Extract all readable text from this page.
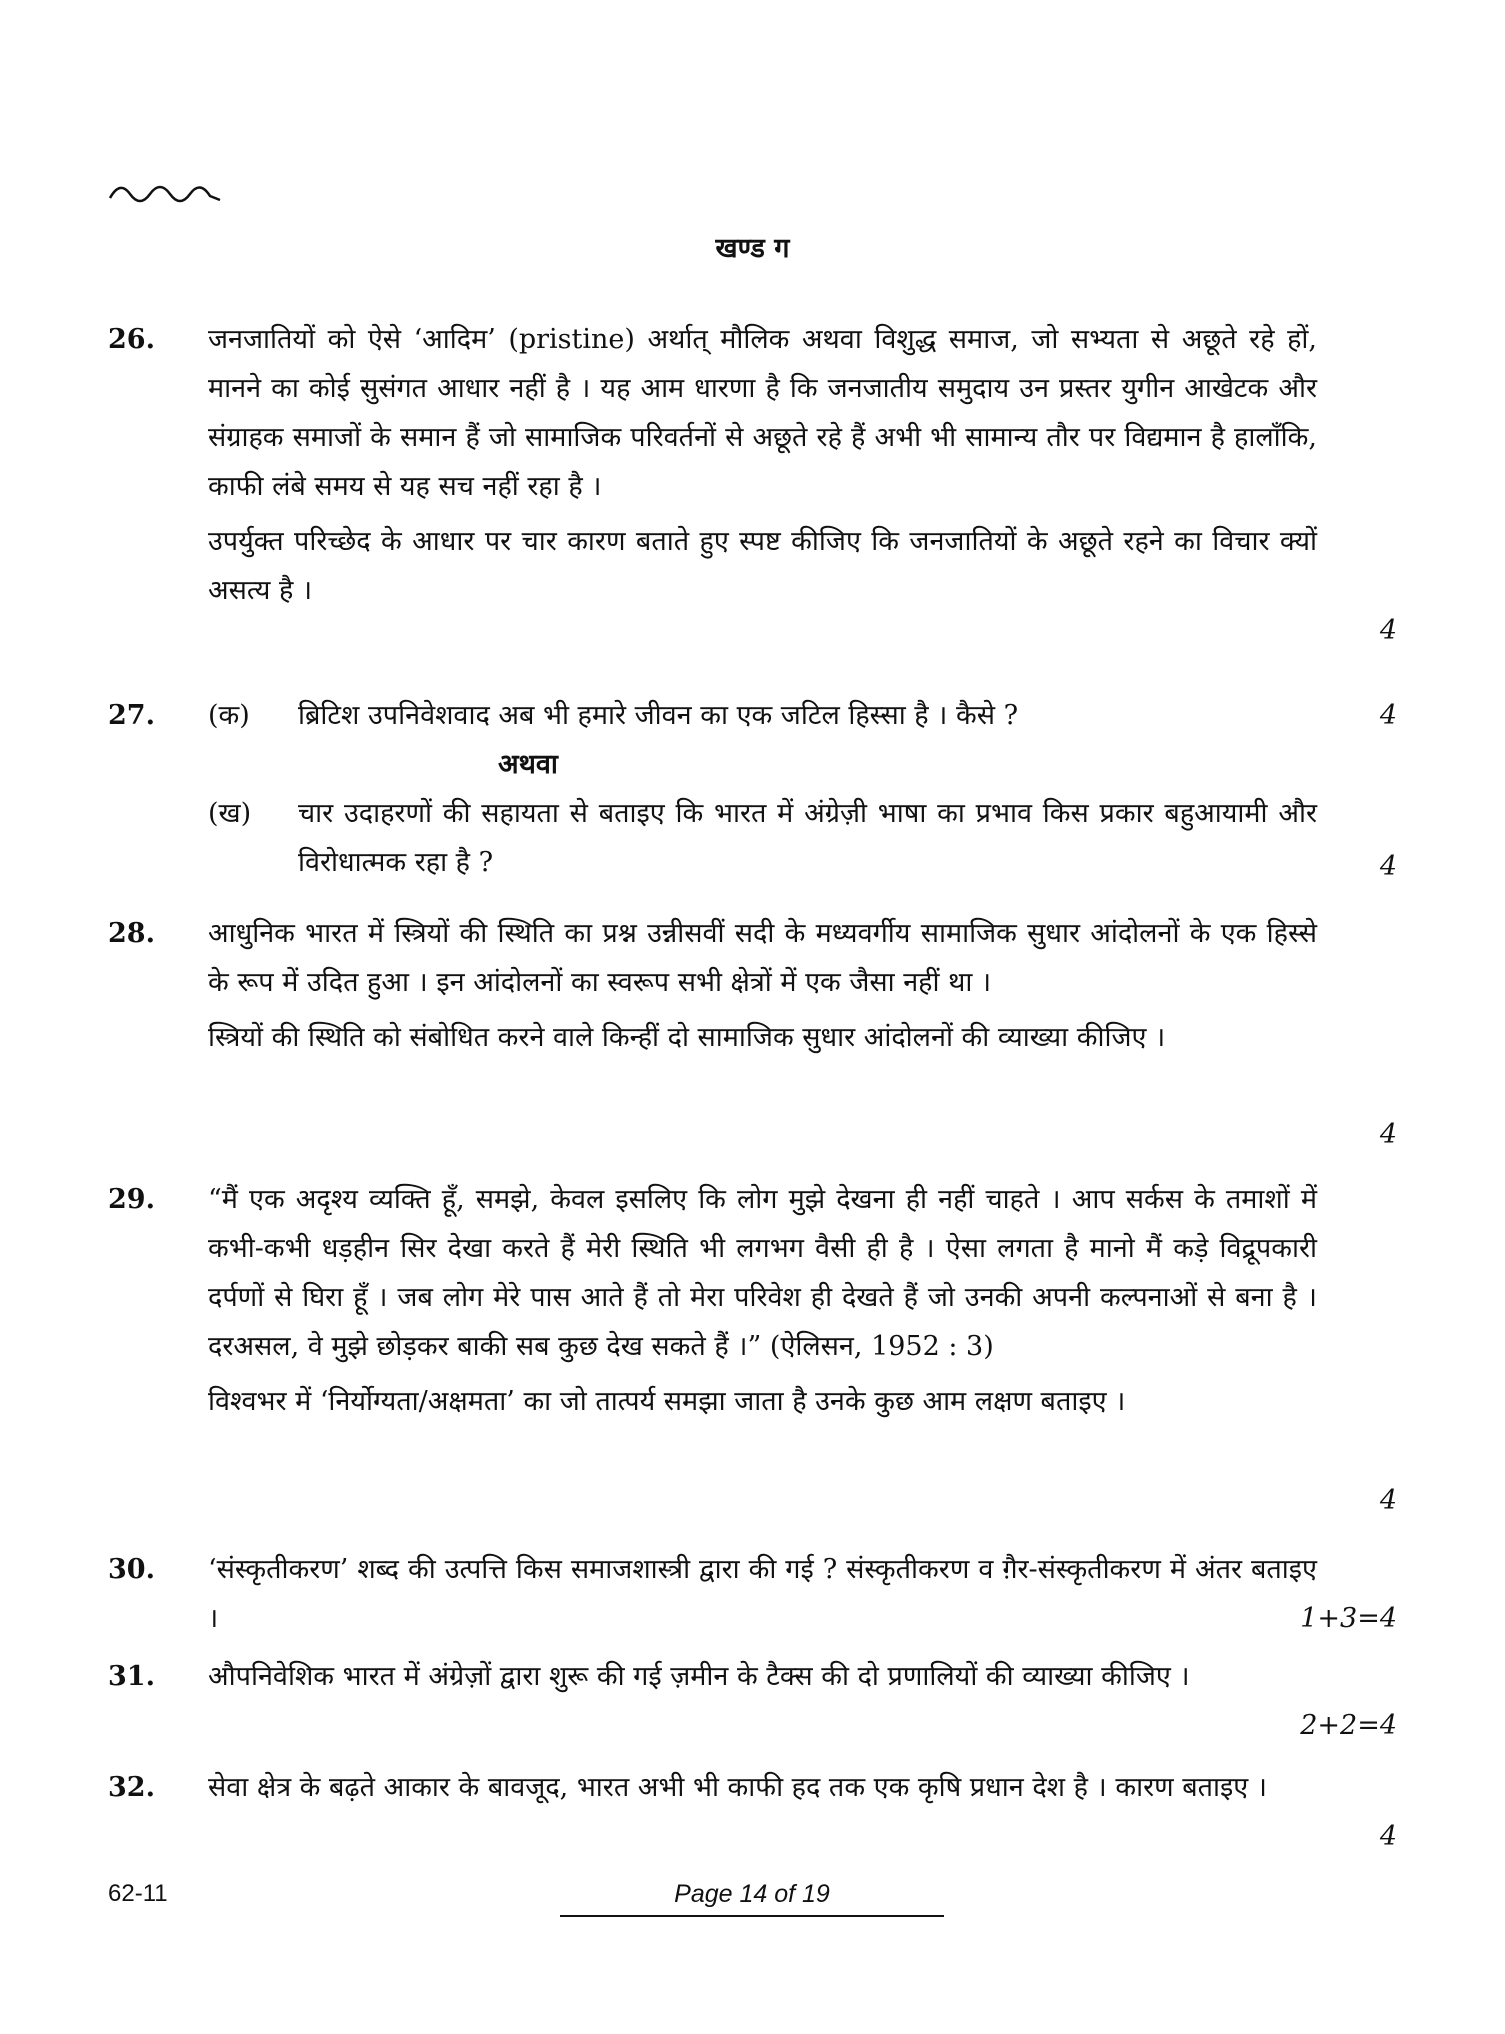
खण्ड ग
26. जनजातियों को ऐसे ‘आदिम’ (pristine) अर्थात् मौलिक अथवा विशुद्ध समाज, जो सभ्यता से अछूते रहे हों, मानने का कोई सुसंगत आधार नहीं है । यह आम धारणा है कि जनजातीय समुदाय उन प्रस्तर युगीन आखेटक और संग्राहक समाजों के समान हैं जो सामाजिक परिवर्तनों से अछूते रहे हैं अभी भी सामान्य तौर पर विद्यमान है हालाँकि, काफी लंबे समय से यह सच नहीं रहा है ।

उपर्युक्त परिच्छेद के आधार पर चार कारण बताते हुए स्पष्ट कीजिए कि जनजातियों के अछूते रहने का विचार क्यों असत्य है ।

4
27. (क) ब्रिटिश उपनिवेशवाद अब भी हमारे जीवन का एक जटिल हिस्सा है । कैसे ?
अथवा
(ख) चार उदाहरणों की सहायता से बताइए कि भारत में अंग्रेज़ी भाषा का प्रभाव किस प्रकार बहुआयामी और विरोधात्मक रहा है ?
4
4
28. आधुनिक भारत में स्त्रियों की स्थिति का प्रश्न उन्नीसवीं सदी के मध्यवर्गीय सामाजिक सुधार आंदोलनों के एक हिस्से के रूप में उदित हुआ । इन आंदोलनों का स्वरूप सभी क्षेत्रों में एक जैसा नहीं था ।

स्त्रियों की स्थिति को संबोधित करने वाले किन्हीं दो सामाजिक सुधार आंदोलनों की व्याख्या कीजिए ।

4
29. “मैं एक अदृश्य व्यक्ति हूँ, समझे, केवल इसलिए कि लोग मुझे देखना ही नहीं चाहते । आप सर्कस के तमाशों में कभी-कभी धड़हीन सिर देखा करते हैं मेरी स्थिति भी लगभग वैसी ही है । ऐसा लगता है मानो मैं कड़े विद्रूपकारी दर्पणों से घिरा हूँ । जब लोग मेरे पास आते हैं तो मेरा परिवेश ही देखते हैं जो उनकी अपनी कल्पनाओं से बना है । दरअसल, वे मुझे छोड़कर बाकी सब कुछ देख सकते हैं ।” (ऐलिसन, 1952 : 3)

विश्वभर में ‘निर्योग्यता/अक्षमता’ का जो तात्पर्य समझा जाता है उनके कुछ आम लक्षण बताइए ।

4
30. ‘संस्कृतीकरण’ शब्द की उत्पत्ति किस समाजशास्त्री द्वारा की गई ? संस्कृतीकरण व ग़ैर-संस्कृतीकरण में अंतर बताइए ।	1+3=4
31. औपनिवेशिक भारत में अंग्रेज़ों द्वारा शुरू की गई ज़मीन के टैक्स की दो प्रणालियों की व्याख्या कीजिए ।

2+2=4
32. सेवा क्षेत्र के बढ़ते आकार के बावजूद, भारत अभी भी काफी हद तक एक कृषि प्रधान देश है । कारण बताइए ।

4
62-11	Page 14 of 19
